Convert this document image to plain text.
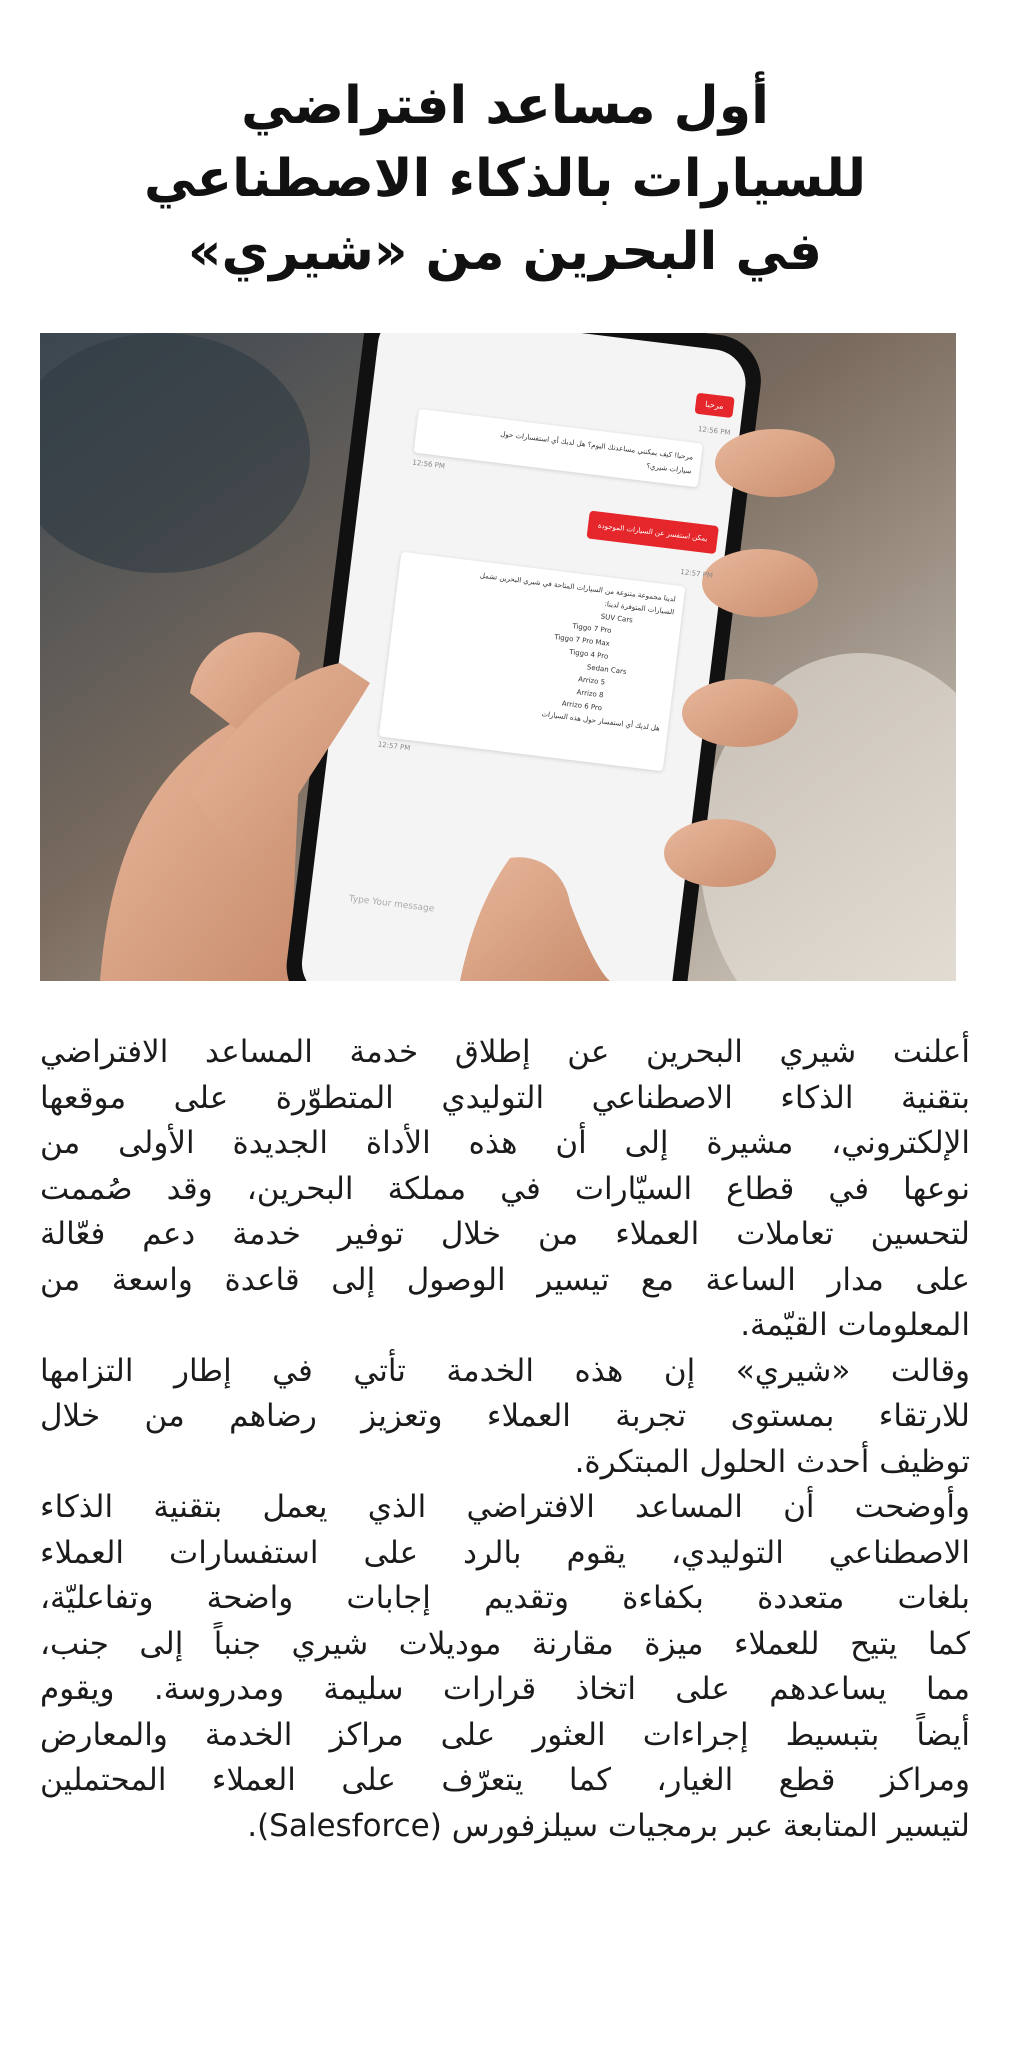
أول مساعد افتراضي
للسيارات بالذكاء الاصطناعي
في البحرين من «شيري»
مرحبا
12:56 PM
مرحبا! كيف يمكنني مساعدتك اليوم؟ هل لديك أي استفسارات حول
سيارات شيري؟
12:56 PM
يمكن استفسر عن السيارات الموجودة
12:57 PM
لدينا مجموعة متنوعة من السيارات المتاحة في شيري البحرين تشمل
السيارات المتوفرة لدينا:
SUV Cars
Tiggo 7 Pro
Tiggo 7 Pro Max
Tiggo 4 Pro
Sedan Cars
Arrizo 5
Arrizo 8
Arrizo 6 Pro
هل لديك أي استفسار حول هذه السيارات
12:57 PM
Type Your message
أعلنت شيري البحرين عن إطلاق خدمة المساعد الافتراضي
بتقنية الذكاء الاصطناعي التوليدي المتطوّرة على موقعها
الإلكتروني، مشيرة إلى أن هذه الأداة الجديدة الأولى من
نوعها في قطاع السيّارات في مملكة البحرين، وقد صُممت
لتحسين تعاملات العملاء من خلال توفير خدمة دعم فعّالة
على مدار الساعة مع تيسير الوصول إلى قاعدة واسعة من
المعلومات القيّمة.
وقالت «شيري» إن هذه الخدمة تأتي في إطار التزامها
للارتقاء بمستوى تجربة العملاء وتعزيز رضاهم من خلال
توظيف أحدث الحلول المبتكرة.
وأوضحت أن المساعد الافتراضي الذي يعمل بتقنية الذكاء
الاصطناعي التوليدي، يقوم بالرد على استفسارات العملاء
بلغات متعددة بكفاءة وتقديم إجابات واضحة وتفاعليّة،
كما يتيح للعملاء ميزة مقارنة موديلات شيري جنباً إلى جنب،
مما يساعدهم على اتخاذ قرارات سليمة ومدروسة. ويقوم
أيضاً بتبسيط إجراءات العثور على مراكز الخدمة والمعارض
ومراكز قطع الغيار، كما يتعرّف على العملاء المحتملين
لتيسير المتابعة عبر برمجيات سيلزفورس (Salesforce).
